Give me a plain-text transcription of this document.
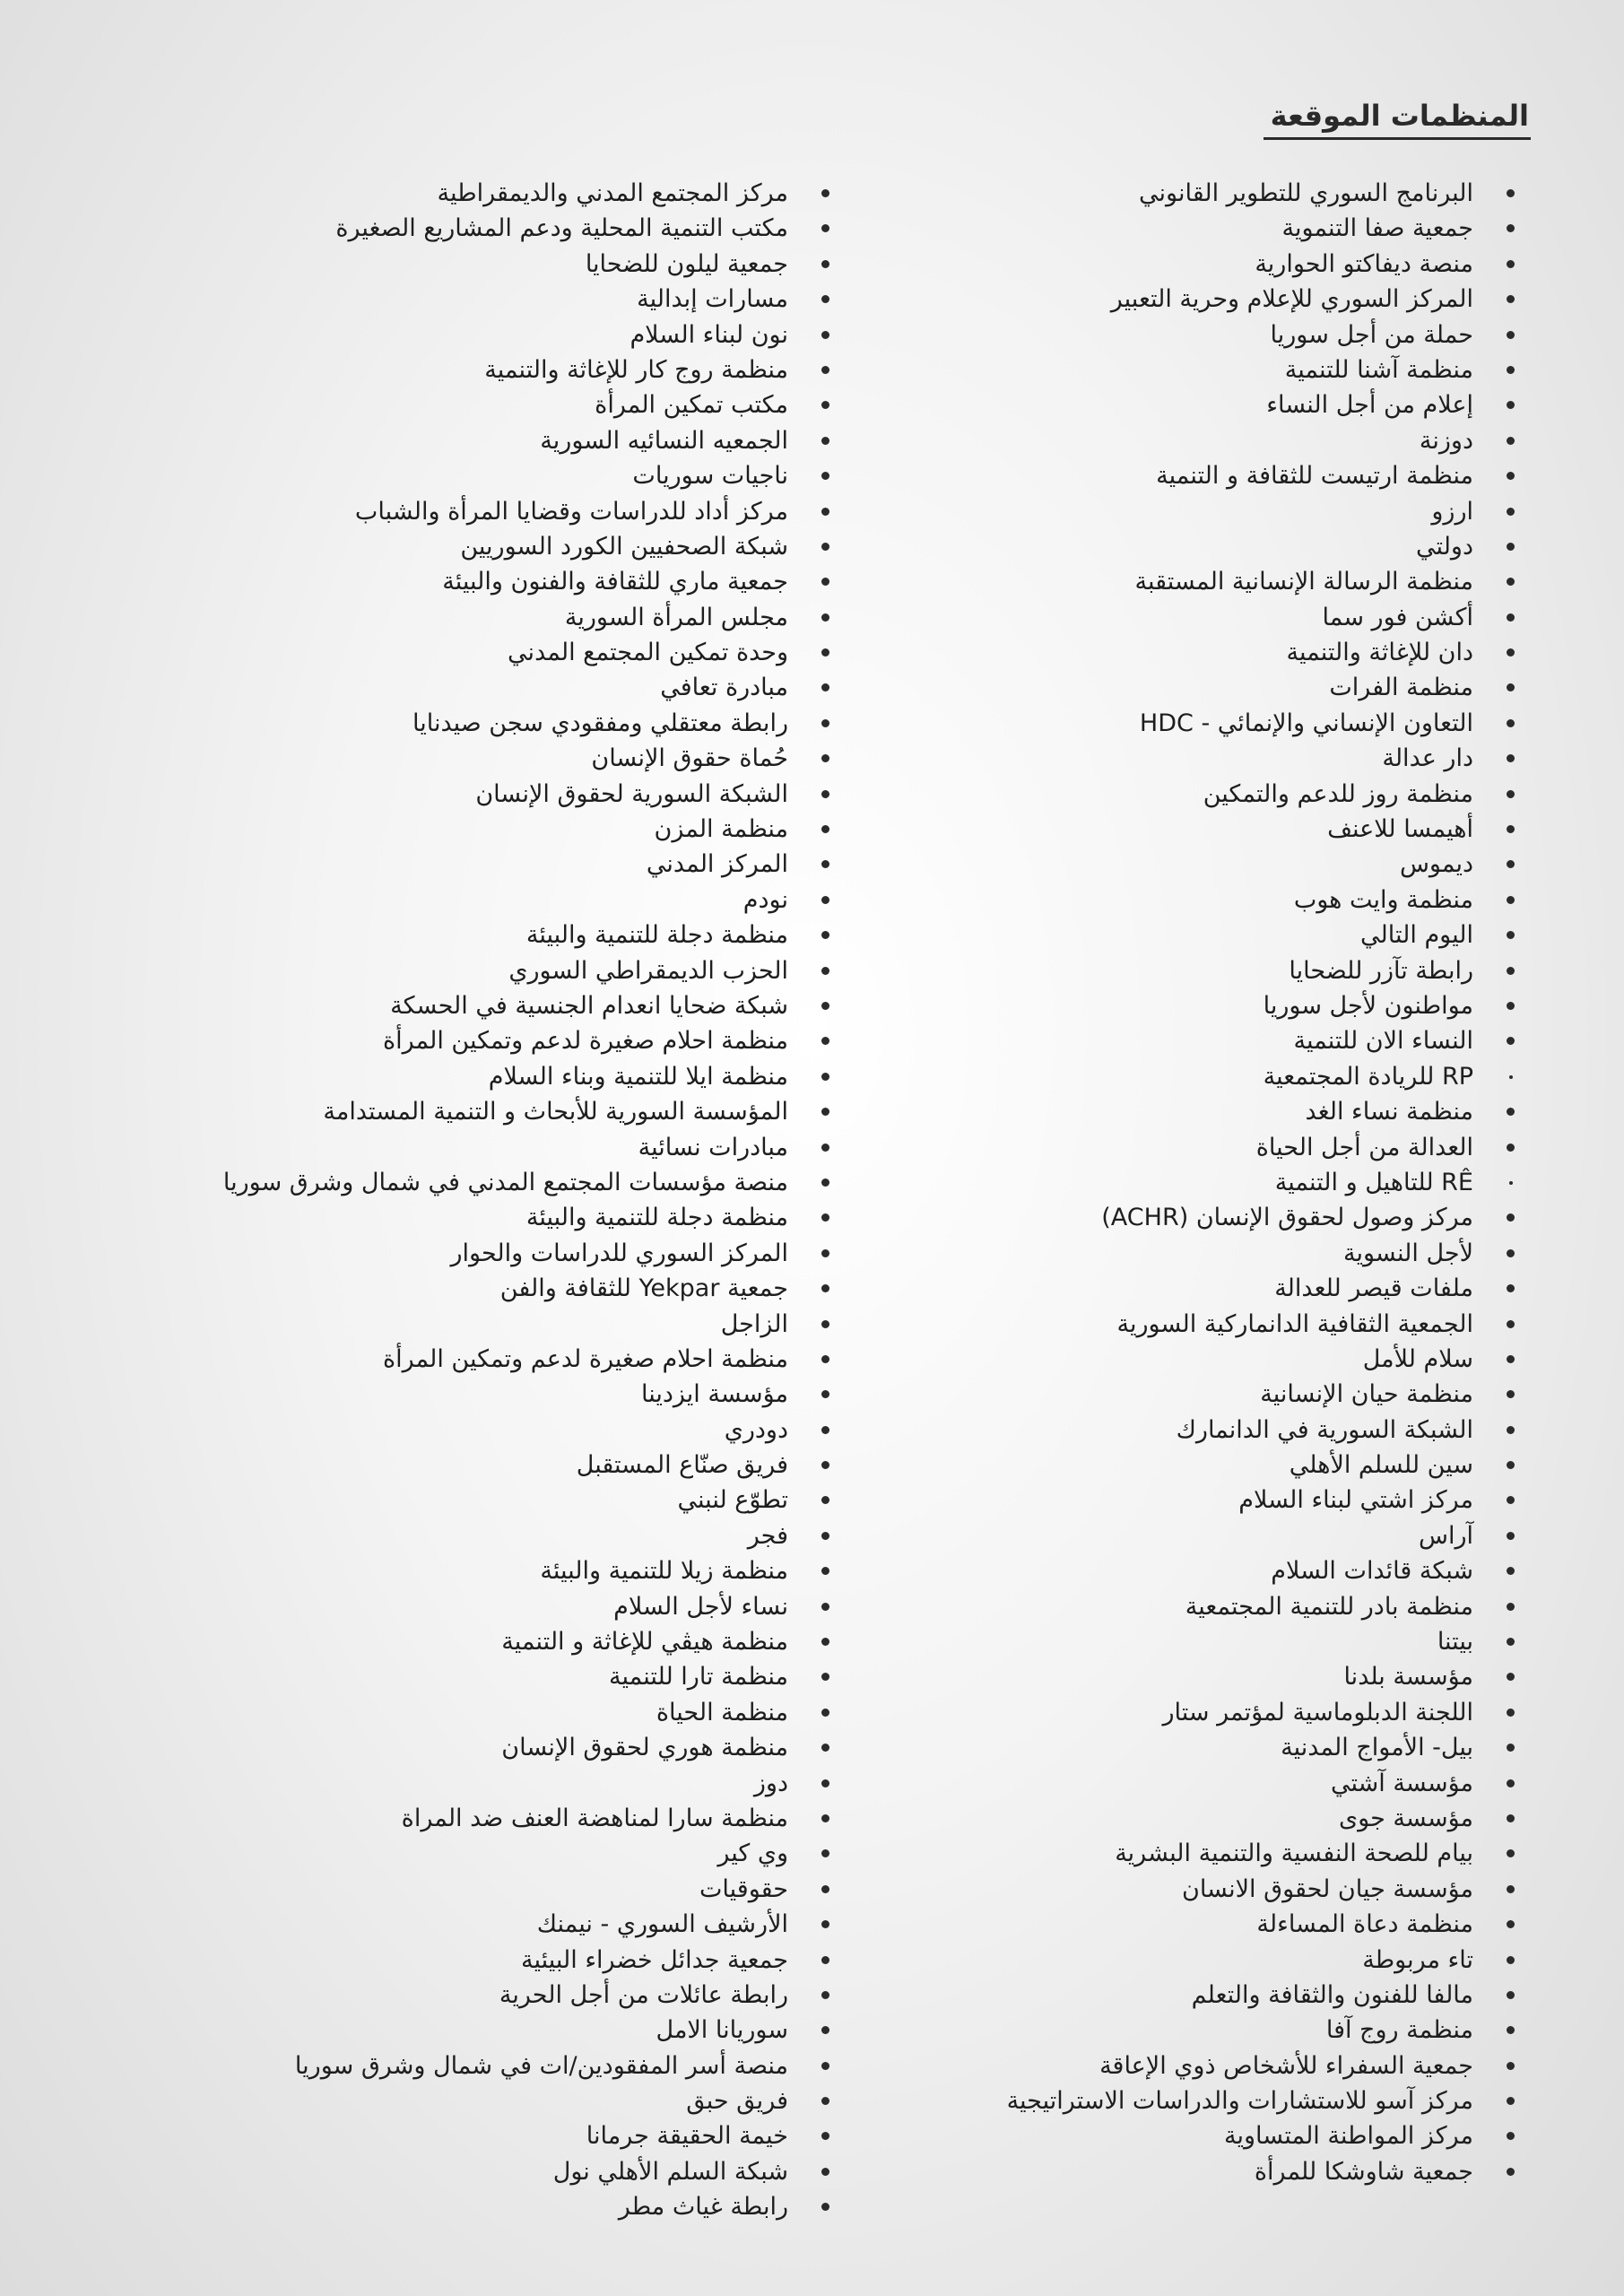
المنظمات الموقعة
البرنامج السوري للتطوير القانوني
جمعية صفا التنموية
منصة ديفاكتو الحوارية
المركز السوري للإعلام وحرية التعبير
حملة من أجل سوريا
منظمة آشنا للتنمية
إعلام من أجل النساء
دوزنة
منظمة ارتيست للثقافة و التنمية
ارزو
دولتي
منظمة الرسالة الإنسانية المستقبة
أكشن فور سما
دان للإغاثة والتنمية
منظمة الفرات
التعاون الإنساني والإنمائي - HDC
دار عدالة
منظمة روز للدعم والتمكين
أهيمسا للاعنف
ديموس
منظمة وايت هوب
اليوم التالي
رابطة تآزر للضحايا
مواطنون لأجل سوريا
النساء الان للتنمية
RP للريادة المجتمعية
منظمة نساء الغد
العدالة من أجل الحياة
RÊ للتاهيل و التنمية
مركز وصول لحقوق الإنسان (ACHR)
لأجل النسوية
ملفات قيصر للعدالة
الجمعية الثقافية الدانماركية السورية
سلام للأمل
منظمة حيان الإنسانية
الشبكة السورية في الدانمارك
سين للسلم الأهلي
مركز اشتي لبناء السلام
آراس
شبكة قائدات السلام
منظمة بادر للتنمية المجتمعية
بيتنا
مؤسسة بلدنا
اللجنة الدبلوماسية لمؤتمر ستار
بيل- الأمواج المدنية
مؤسسة آشتي
مؤسسة جوى
بيام للصحة النفسية والتنمية البشرية
مؤسسة جيان لحقوق الانسان
منظمة دعاة المساءلة
تاء مربوطة
مالفا للفنون والثقافة والتعلم
منظمة روج آفا
جمعية السفراء للأشخاص ذوي الإعاقة
مركز آسو للاستشارات والدراسات الاستراتيجية
مركز المواطنة المتساوية
جمعية شاوشكا للمرأة
مركز المجتمع المدني والديمقراطية
مكتب التنمية المحلية ودعم المشاريع الصغيرة
جمعية ليلون للضحايا
مسارات إبدالية
نون لبناء السلام
منظمة روج كار للإغاثة والتنمية
مكتب تمكين المرأة
الجمعيه النسائيه السورية
ناجيات سوريات
مركز أداد للدراسات وقضايا المرأة والشباب
شبكة الصحفيين الكورد السوريين
جمعية ماري للثقافة والفنون والبيئة
مجلس المرأة السورية
وحدة تمكين المجتمع المدني
مبادرة تعافي
رابطة معتقلي ومفقودي سجن صيدنايا
حُماة حقوق الإنسان
الشبكة السورية لحقوق الإنسان
منظمة المزن
المركز المدني
نودم
منظمة دجلة للتنمية والبيئة
الحزب الديمقراطي السوري
شبكة ضحايا انعدام الجنسية في الحسكة
منظمة احلام صغيرة لدعم وتمكين المرأة
منظمة ايلا للتنمية وبناء السلام
المؤسسة السورية للأبحاث و التنمية المستدامة
مبادرات نسائية
منصة مؤسسات المجتمع المدني في شمال وشرق سوريا
منظمة دجلة للتنمية والبيئة
المركز السوري للدراسات والحوار
جمعية Yekpar للثقافة والفن
الزاجل
منظمة احلام صغيرة لدعم وتمكين المرأة
مؤسسة ايزدينا
دودري
فريق صنّاع المستقبل
تطوّع لنبني
فجر
منظمة زيلا للتنمية والبيئة
نساء لأجل السلام
منظمة هيڤي للإغاثة و التنمية
منظمة تارا للتنمية
منظمة الحياة
منظمة هوري لحقوق الإنسان
دوز
منظمة سارا لمناهضة العنف ضد المراة
وي كير
حقوقيات
الأرشيف السوري - نيمنك
جمعية جدائل خضراء البيئية
رابطة عائلات من أجل الحرية
سوريانا الامل
منصة أسر المفقودين/ات في شمال وشرق سوريا
فريق حبق
خيمة الحقيقة جرمانا
شبكة السلم الأهلي نول
رابطة غياث مطر
